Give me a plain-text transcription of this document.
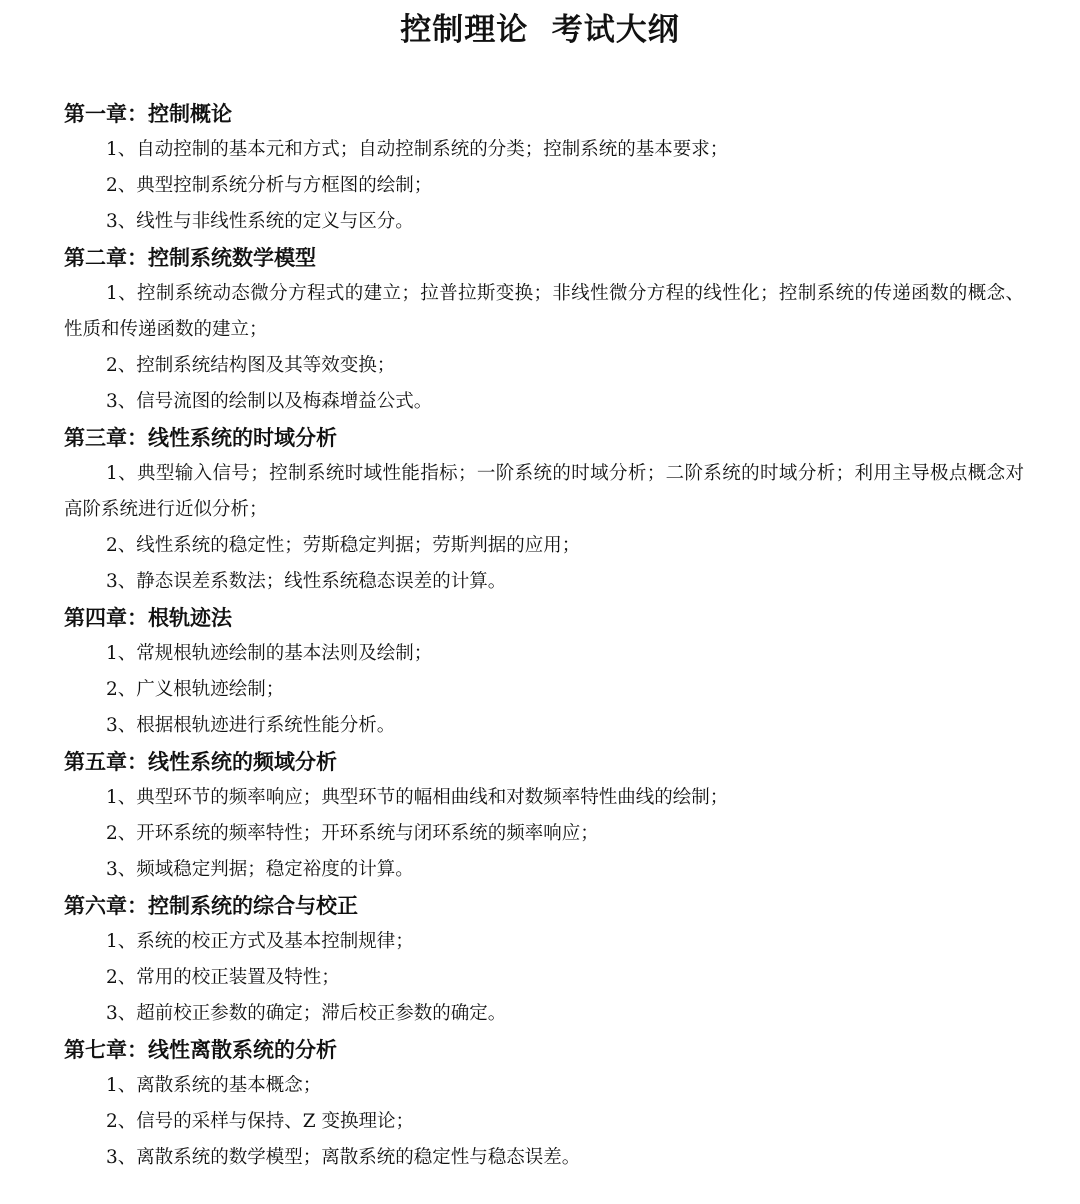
控制理论  考试大纲
第一章：控制概论

1、自动控制的基本元和方式；自动控制系统的分类；控制系统的基本要求；

2、典型控制系统分析与方框图的绘制；

3、线性与非线性系统的定义与区分。

第二章：控制系统数学模型

1、控制系统动态微分方程式的建立；拉普拉斯变换；非线性微分方程的线性化；控制系统的传递函数的概念、性质和传递函数的建立；

2、控制系统结构图及其等效变换；

3、信号流图的绘制以及梅森增益公式。

第三章：线性系统的时域分析

1、典型输入信号；控制系统时域性能指标；一阶系统的时域分析；二阶系统的时域分析；利用主导极点概念对高阶系统进行近似分析；

2、线性系统的稳定性；劳斯稳定判据；劳斯判据的应用；

3、静态误差系数法；线性系统稳态误差的计算。

第四章：根轨迹法

1、常规根轨迹绘制的基本法则及绘制；

2、广义根轨迹绘制；

3、根据根轨迹进行系统性能分析。

第五章：线性系统的频域分析

1、典型环节的频率响应；典型环节的幅相曲线和对数频率特性曲线的绘制；

2、开环系统的频率特性；开环系统与闭环系统的频率响应；

3、频域稳定判据；稳定裕度的计算。

第六章：控制系统的综合与校正

1、系统的校正方式及基本控制规律；

2、常用的校正装置及特性；

3、超前校正参数的确定；滞后校正参数的确定。

第七章：线性离散系统的分析

1、离散系统的基本概念；

2、信号的采样与保持、Z 变换理论；

3、离散系统的数学模型；离散系统的稳定性与稳态误差。
